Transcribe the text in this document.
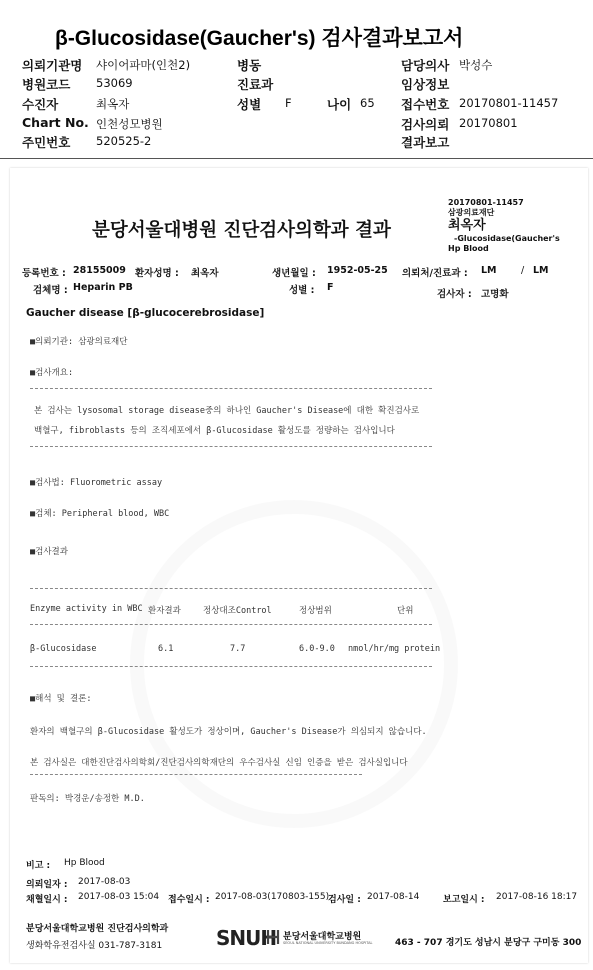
β-Glucosidase(Gaucher's) 검사결과보고서
의뢰기관명 샤이어파마(인천2)
병원코드 53069
수진자	최옥자
Chart No. 인천성모병원
주민번호 520525-2
병동
진료과
성별 F	나이 65
담당의사 박성수
임상정보
접수번호 20170801-11457
검사의뢰 20170801
결과보고
분당서울대병원 진단검사의학과 결과
20170801-11457
삼광의료재단
최옥자
-Glucosidase(Gaucher's
Hp Blood
등록번호 : 28155009 환자성명 : 최옥자	생년월일 : 1952-05-25 의뢰처/진료과 : LM	/ LM
검체명 : Heparin PB	성별 : F
검사자 : 고명화
Gaucher disease [β-glucocerebrosidase]
■의뢰기관: 삼광의료재단
■검사개요:
본 검사는 lysosomal storage disease중의 하나인 Gaucher's Disease에 대한 확진검사로
백혈구, fibroblasts 등의 조직세포에서 β-Glucosidase 활성도를 정량하는 검사입니다
■검사법: Fluorometric assay
■검체: Peripheral blood, WBC
■검사결과
Enzyme activity in WBC 환자결과	정상대조Control	정상범위	단위
β-Glucosidase	6.1	7.7	6.0-9.0 nmol/hr/mg protein
■해석 및 결론:
환자의 백혈구의 β-Glucosidase 활성도가 정상이며, Gaucher's Disease가 의심되지 않습니다.
본 검사실은 대한진단검사의학회/진단검사의학재단의 우수검사실 신임 인증을 받은 검사실입니다
판독의: 박경운/송정한 M.D.
비고 : Hp Blood
의뢰일자 : 2017-08-03
채혈일시 : 2017-08-03 15:04 접수일시 : 2017-08-03(170803-155)
검사일 : 2017-08-14	보고일시 : 2017-08-16 18:17
분당서울대학교병원 진단검사의학과
생화학유전검사실 031-787-3181	SNUH 분당서울대학교병원
SEOUL NATIONAL UNIVERSITY BUNDANG HOSPITAL	463 - 707 경기도 성남시 분당구 구미동 300
